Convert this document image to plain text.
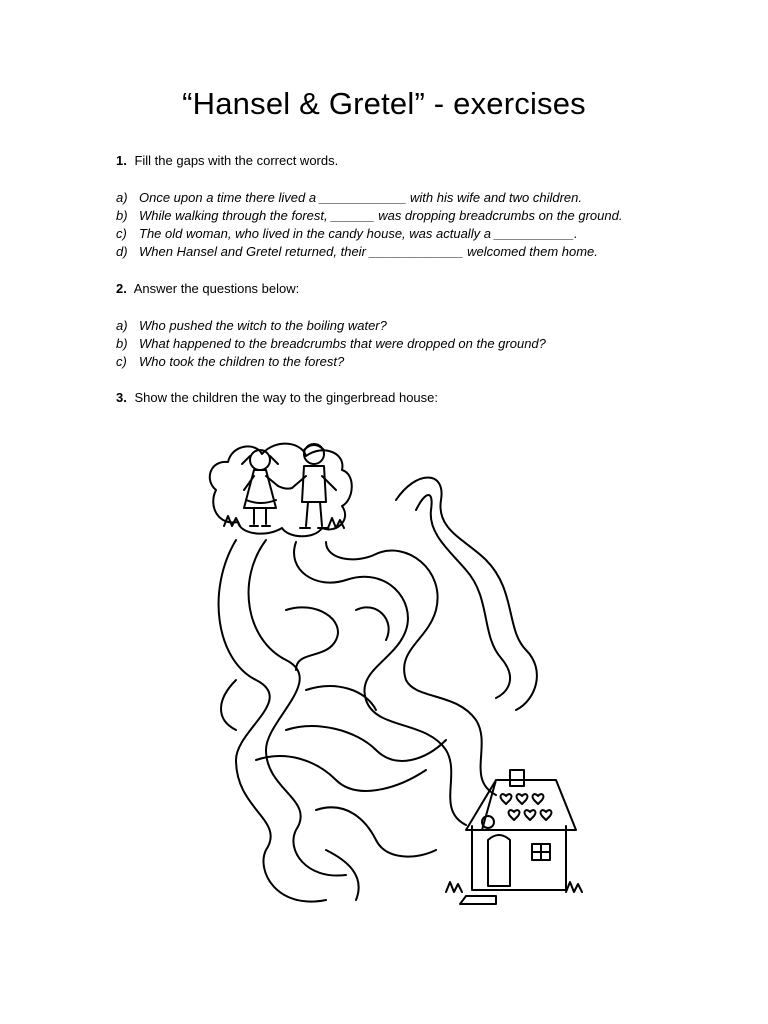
“Hansel & Gretel” - exercises
1. Fill the gaps with the correct words.
a) Once upon a time there lived a ____________ with his wife and two children.
b) While walking through the forest, ______ was dropping breadcrumbs on the ground.
c) The old woman, who lived in the candy house, was actually a ___________.
d) When Hansel and Gretel returned, their _____________ welcomed them home.
2. Answer the questions below:
a) Who pushed the witch to the boiling water?
b) What happened to the breadcrumbs that were dropped on the ground?
c) Who took the children to the forest?
3. Show the children the way to the gingerbread house:
